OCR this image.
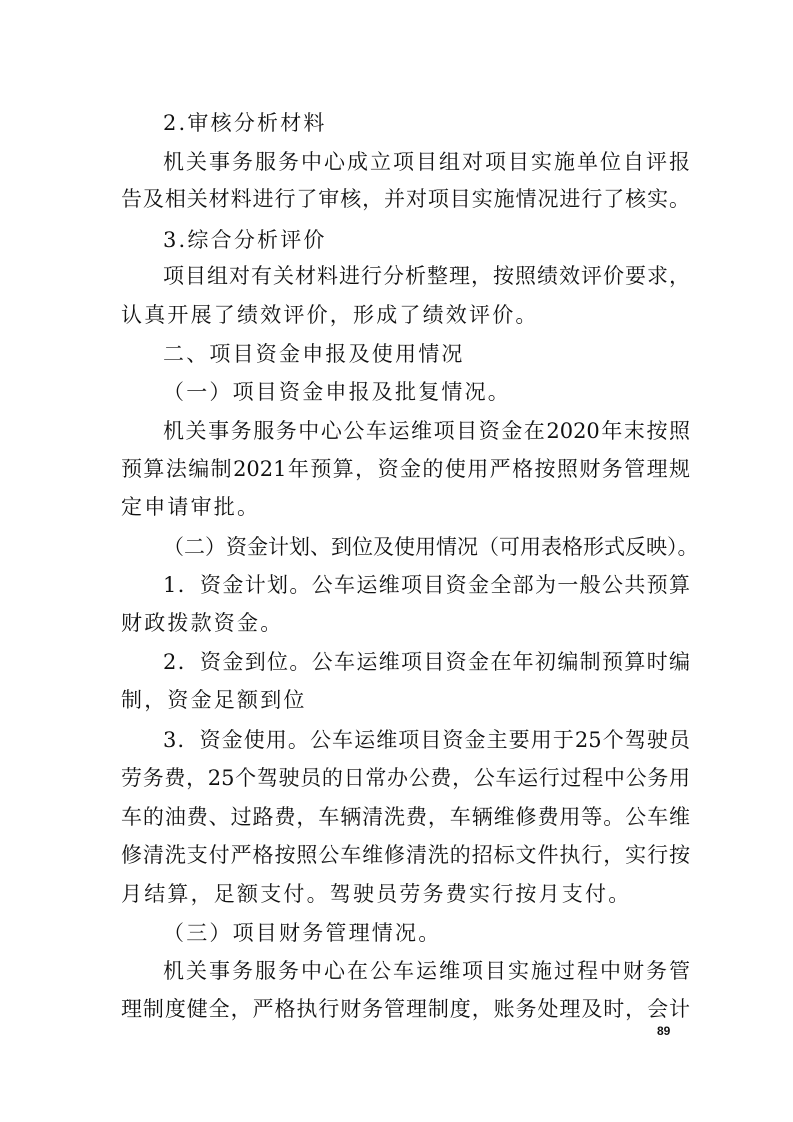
2.审核分析材料
机关事务服务中心成立项目组对项目实施单位自评报
告及相关材料进行了审核，并对项目实施情况进行了核实。
3.综合分析评价
项目组对有关材料进行分析整理，按照绩效评价要求，
认真开展了绩效评价，形成了绩效评价。
二、项目资金申报及使用情况
（一）项目资金申报及批复情况。
机关事务服务中心公车运维项目资金在2020年末按照
预算法编制2021年预算，资金的使用严格按照财务管理规
定申请审批。
（二）资金计划、到位及使用情况（可用表格形式反映）。
1．资金计划。公车运维项目资金全部为一般公共预算
财政拨款资金。
2．资金到位。公车运维项目资金在年初编制预算时编
制，资金足额到位
3．资金使用。公车运维项目资金主要用于25个驾驶员
劳务费，25个驾驶员的日常办公费，公车运行过程中公务用
车的油费、过路费，车辆清洗费，车辆维修费用等。公车维
修清洗支付严格按照公车维修清洗的招标文件执行，实行按
月结算，足额支付。驾驶员劳务费实行按月支付。
（三）项目财务管理情况。
机关事务服务中心在公车运维项目实施过程中财务管
理制度健全，严格执行财务管理制度，账务处理及时，会计
89
